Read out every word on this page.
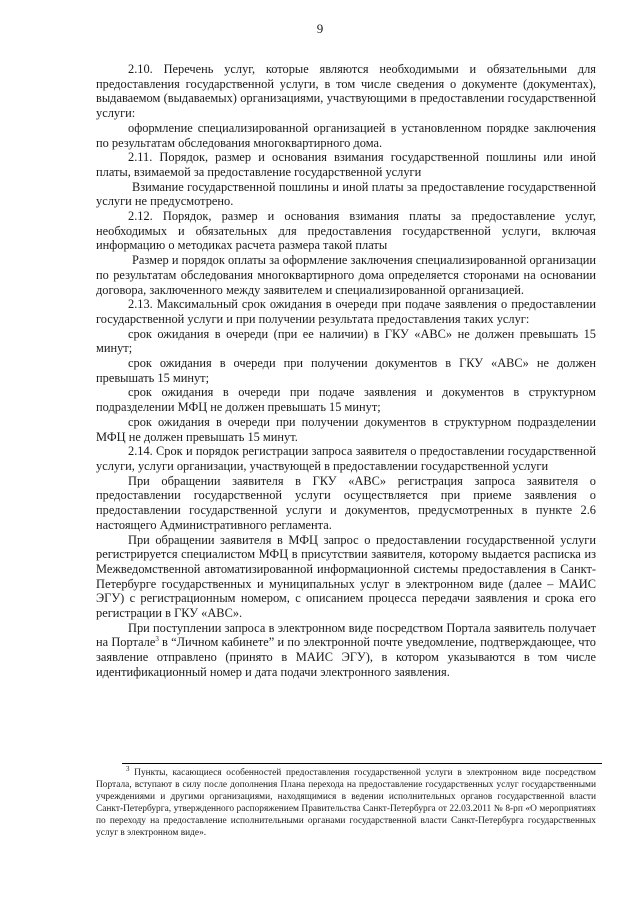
9

2.10. Перечень услуг, которые являются необходимыми и обязательными для предоставления государственной услуги, в том числе сведения о документе (документах), выдаваемом (выдаваемых) организациями, участвующими в предоставлении государственной услуги:

оформление специализированной организацией в установленном порядке заключения по результатам обследования многоквартирного дома.

2.11. Порядок, размер и основания взимания государственной пошлины или иной платы, взимаемой за предоставление государственной услуги

Взимание государственной пошлины и иной платы за предоставление государственной услуги не предусмотрено.

2.12. Порядок, размер и основания взимания платы за предоставление услуг, необходимых и обязательных для предоставления государственной услуги, включая информацию о методиках расчета размера такой платы

Размер и порядок оплаты за оформление заключения специализированной организации по результатам обследования многоквартирного дома определяется сторонами на основании договора, заключенного между заявителем и специализированной организацией.

2.13. Максимальный срок ожидания в очереди при подаче заявления о предоставлении государственной услуги и при получении результата предоставления таких услуг:

срок ожидания в очереди (при ее наличии) в ГКУ «АВС» не должен превышать 15 минут;

срок ожидания в очереди при получении документов в ГКУ «АВС» не должен превышать 15 минут;

срок ожидания в очереди при подаче заявления и документов в структурном подразделении МФЦ не должен превышать 15 минут;

срок ожидания в очереди при получении документов в структурном подразделении МФЦ не должен превышать 15 минут.

2.14. Срок и порядок регистрации запроса заявителя о предоставлении государственной услуги, услуги организации, участвующей в предоставлении государственной услуги

При обращении заявителя в ГКУ «АВС» регистрация запроса заявителя о предоставлении государственной услуги осуществляется при приеме заявления о предоставлении государственной услуги и документов, предусмотренных в пункте 2.6 настоящего Административного регламента.

При обращении заявителя в МФЦ запрос о предоставлении государственной услуги регистрируется специалистом МФЦ в присутствии заявителя, которому выдается расписка из Межведомственной автоматизированной информационной системы предоставления в Санкт-Петербурге государственных и муниципальных услуг в электронном виде (далее – МАИС ЭГУ) с регистрационным номером, с описанием процесса передачи заявления и срока его регистрации в ГКУ «АВС».

При поступлении запроса в электронном виде посредством Портала заявитель получает на Портале$^3$ в “Личном кабинете” и по электронной почте уведомление, подтверждающее, что заявление отправлено (принято в МАИС ЭГУ), в котором указываются в том числе идентификационный номер и дата подачи электронного заявления.

$^3$ Пункты, касающиеся особенностей предоставления государственной услуги в электронном виде посредством Портала, вступают в силу после дополнения Плана перехода на предоставление государственных услуг государственными учреждениями и другими организациями, находящимися в ведении исполнительных органов государственной власти Санкт-Петербурга, утвержденного распоряжением Правительства Санкт-Петербурга от 22.03.2011 № 8-рп «О мероприятиях по переходу на предоставление исполнительными органами государственной власти Санкт-Петербурга государственных услуг в электронном виде».
